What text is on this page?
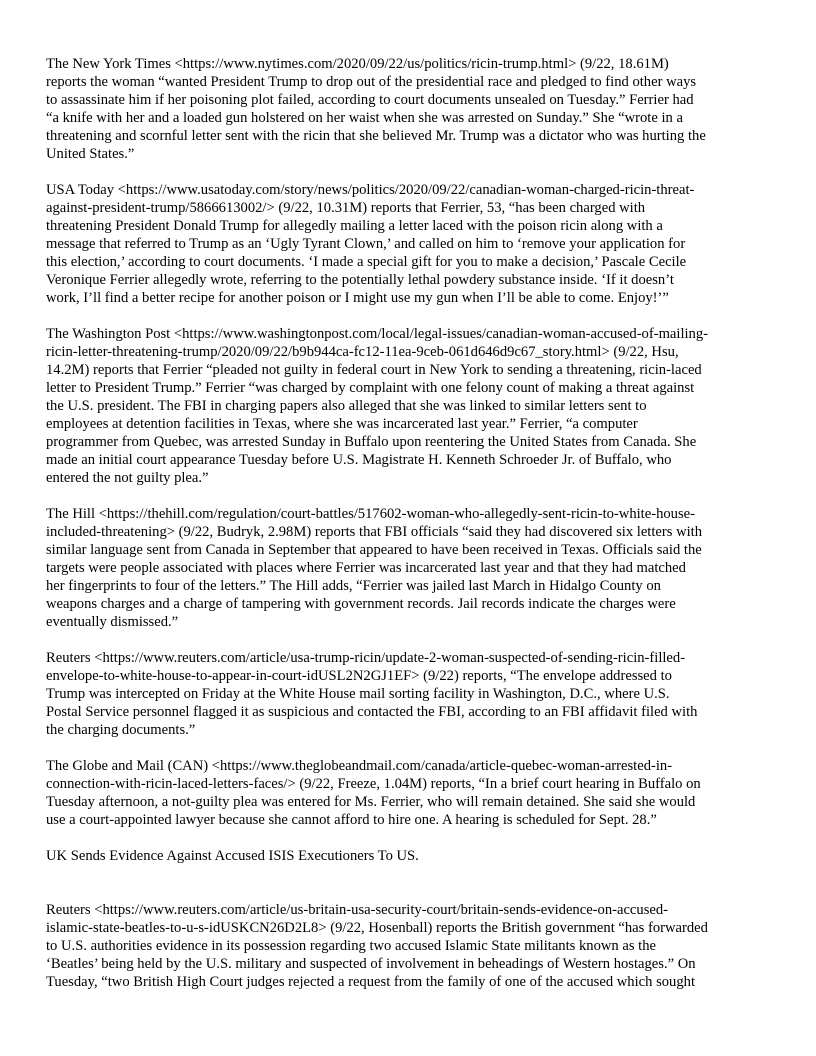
The New York Times <https://www.nytimes.com/2020/09/22/us/politics/ricin-trump.html> (9/22, 18.61M)
reports the woman “wanted President Trump to drop out of the presidential race and pledged to find other ways
to assassinate him if her poisoning plot failed, according to court documents unsealed on Tuesday.” Ferrier had
“a knife with her and a loaded gun holstered on her waist when she was arrested on Sunday.” She “wrote in a
threatening and scornful letter sent with the ricin that she believed Mr. Trump was a dictator who was hurting the
United States.”
USA Today <https://www.usatoday.com/story/news/politics/2020/09/22/canadian-woman-charged-ricin-threat-
against-president-trump/5866613002/> (9/22, 10.31M) reports that Ferrier, 53, “has been charged with
threatening President Donald Trump for allegedly mailing a letter laced with the poison ricin along with a
message that referred to Trump as an ‘Ugly Tyrant Clown,’ and called on him to ‘remove your application for
this election,’ according to court documents. ‘I made a special gift for you to make a decision,’ Pascale Cecile
Veronique Ferrier allegedly wrote, referring to the potentially lethal powdery substance inside. ‘If it doesn’t
work, I’ll find a better recipe for another poison or I might use my gun when I’ll be able to come. Enjoy!’”
The Washington Post <https://www.washingtonpost.com/local/legal-issues/canadian-woman-accused-of-mailing-
ricin-letter-threatening-trump/2020/09/22/b9b944ca-fc12-11ea-9ceb-061d646d9c67_story.html> (9/22, Hsu,
14.2M) reports that Ferrier “pleaded not guilty in federal court in New York to sending a threatening, ricin-laced
letter to President Trump.” Ferrier “was charged by complaint with one felony count of making a threat against
the U.S. president. The FBI in charging papers also alleged that she was linked to similar letters sent to
employees at detention facilities in Texas, where she was incarcerated last year.” Ferrier, “a computer
programmer from Quebec, was arrested Sunday in Buffalo upon reentering the United States from Canada. She
made an initial court appearance Tuesday before U.S. Magistrate H. Kenneth Schroeder Jr. of Buffalo, who
entered the not guilty plea.”
The Hill <https://thehill.com/regulation/court-battles/517602-woman-who-allegedly-sent-ricin-to-white-house-
included-threatening> (9/22, Budryk, 2.98M) reports that FBI officials “said they had discovered six letters with
similar language sent from Canada in September that appeared to have been received in Texas. Officials said the
targets were people associated with places where Ferrier was incarcerated last year and that they had matched
her fingerprints to four of the letters.” The Hill adds, “Ferrier was jailed last March in Hidalgo County on
weapons charges and a charge of tampering with government records. Jail records indicate the charges were
eventually dismissed.”
Reuters <https://www.reuters.com/article/usa-trump-ricin/update-2-woman-suspected-of-sending-ricin-filled-
envelope-to-white-house-to-appear-in-court-idUSL2N2GJ1EF> (9/22) reports, “The envelope addressed to
Trump was intercepted on Friday at the White House mail sorting facility in Washington, D.C., where U.S.
Postal Service personnel flagged it as suspicious and contacted the FBI, according to an FBI affidavit filed with
the charging documents.”
The Globe and Mail (CAN) <https://www.theglobeandmail.com/canada/article-quebec-woman-arrested-in-
connection-with-ricin-laced-letters-faces/> (9/22, Freeze, 1.04M) reports, “In a brief court hearing in Buffalo on
Tuesday afternoon, a not-guilty plea was entered for Ms. Ferrier, who will remain detained. She said she would
use a court-appointed lawyer because she cannot afford to hire one. A hearing is scheduled for Sept. 28.”
UK Sends Evidence Against Accused ISIS Executioners To US.
Reuters <https://www.reuters.com/article/us-britain-usa-security-court/britain-sends-evidence-on-accused-
islamic-state-beatles-to-u-s-idUSKCN26D2L8> (9/22, Hosenball) reports the British government “has forwarded
to U.S. authorities evidence in its possession regarding two accused Islamic State militants known as the
‘Beatles’ being held by the U.S. military and suspected of involvement in beheadings of Western hostages.” On
Tuesday, “two British High Court judges rejected a request from the family of one of the accused which sought
